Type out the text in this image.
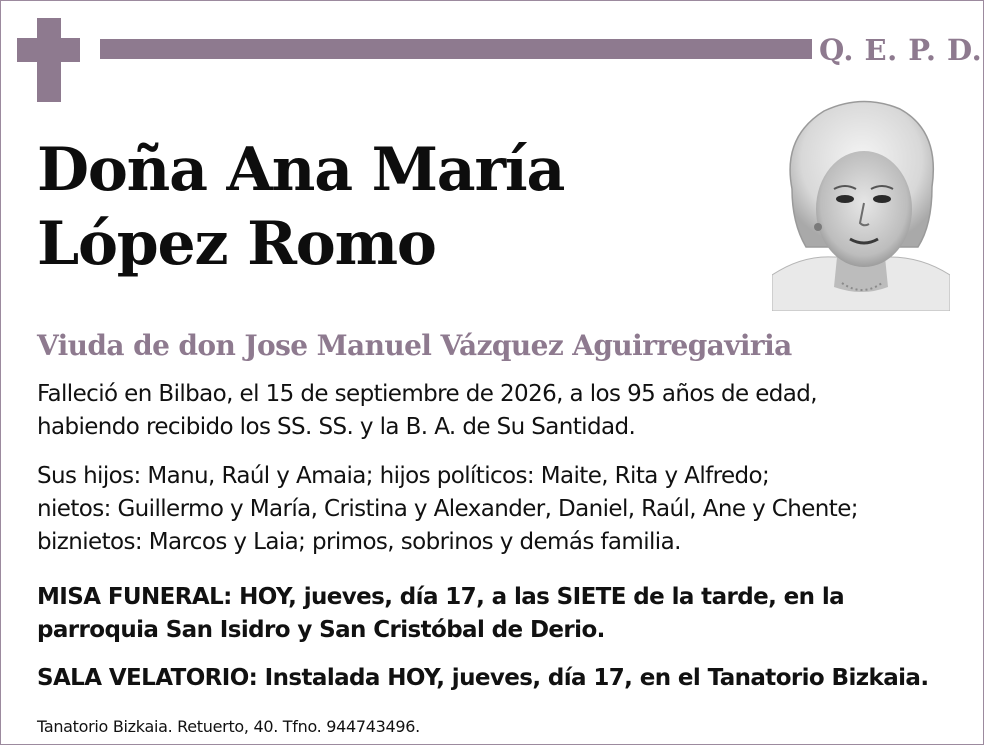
Q. E. P. D.
Doña Ana María
López Romo
Viuda de don Jose Manuel Vázquez Aguirregaviria
Falleció en Bilbao, el 15 de septiembre de 2026, a los 95 años de edad,
habiendo recibido los SS. SS. y la B. A. de Su Santidad.
Sus hijos: Manu, Raúl y Amaia; hijos políticos: Maite, Rita y Alfredo;
nietos: Guillermo y María, Cristina y Alexander, Daniel, Raúl, Ane y Chente;
biznietos: Marcos y Laia; primos, sobrinos y demás familia.
MISA FUNERAL: HOY, jueves, día 17, a las SIETE de la tarde, en la
parroquia San Isidro y San Cristóbal de Derio.
SALA VELATORIO: Instalada HOY, jueves, día 17, en el Tanatorio Bizkaia.
Tanatorio Bizkaia. Retuerto, 40. Tfno. 944743496.
